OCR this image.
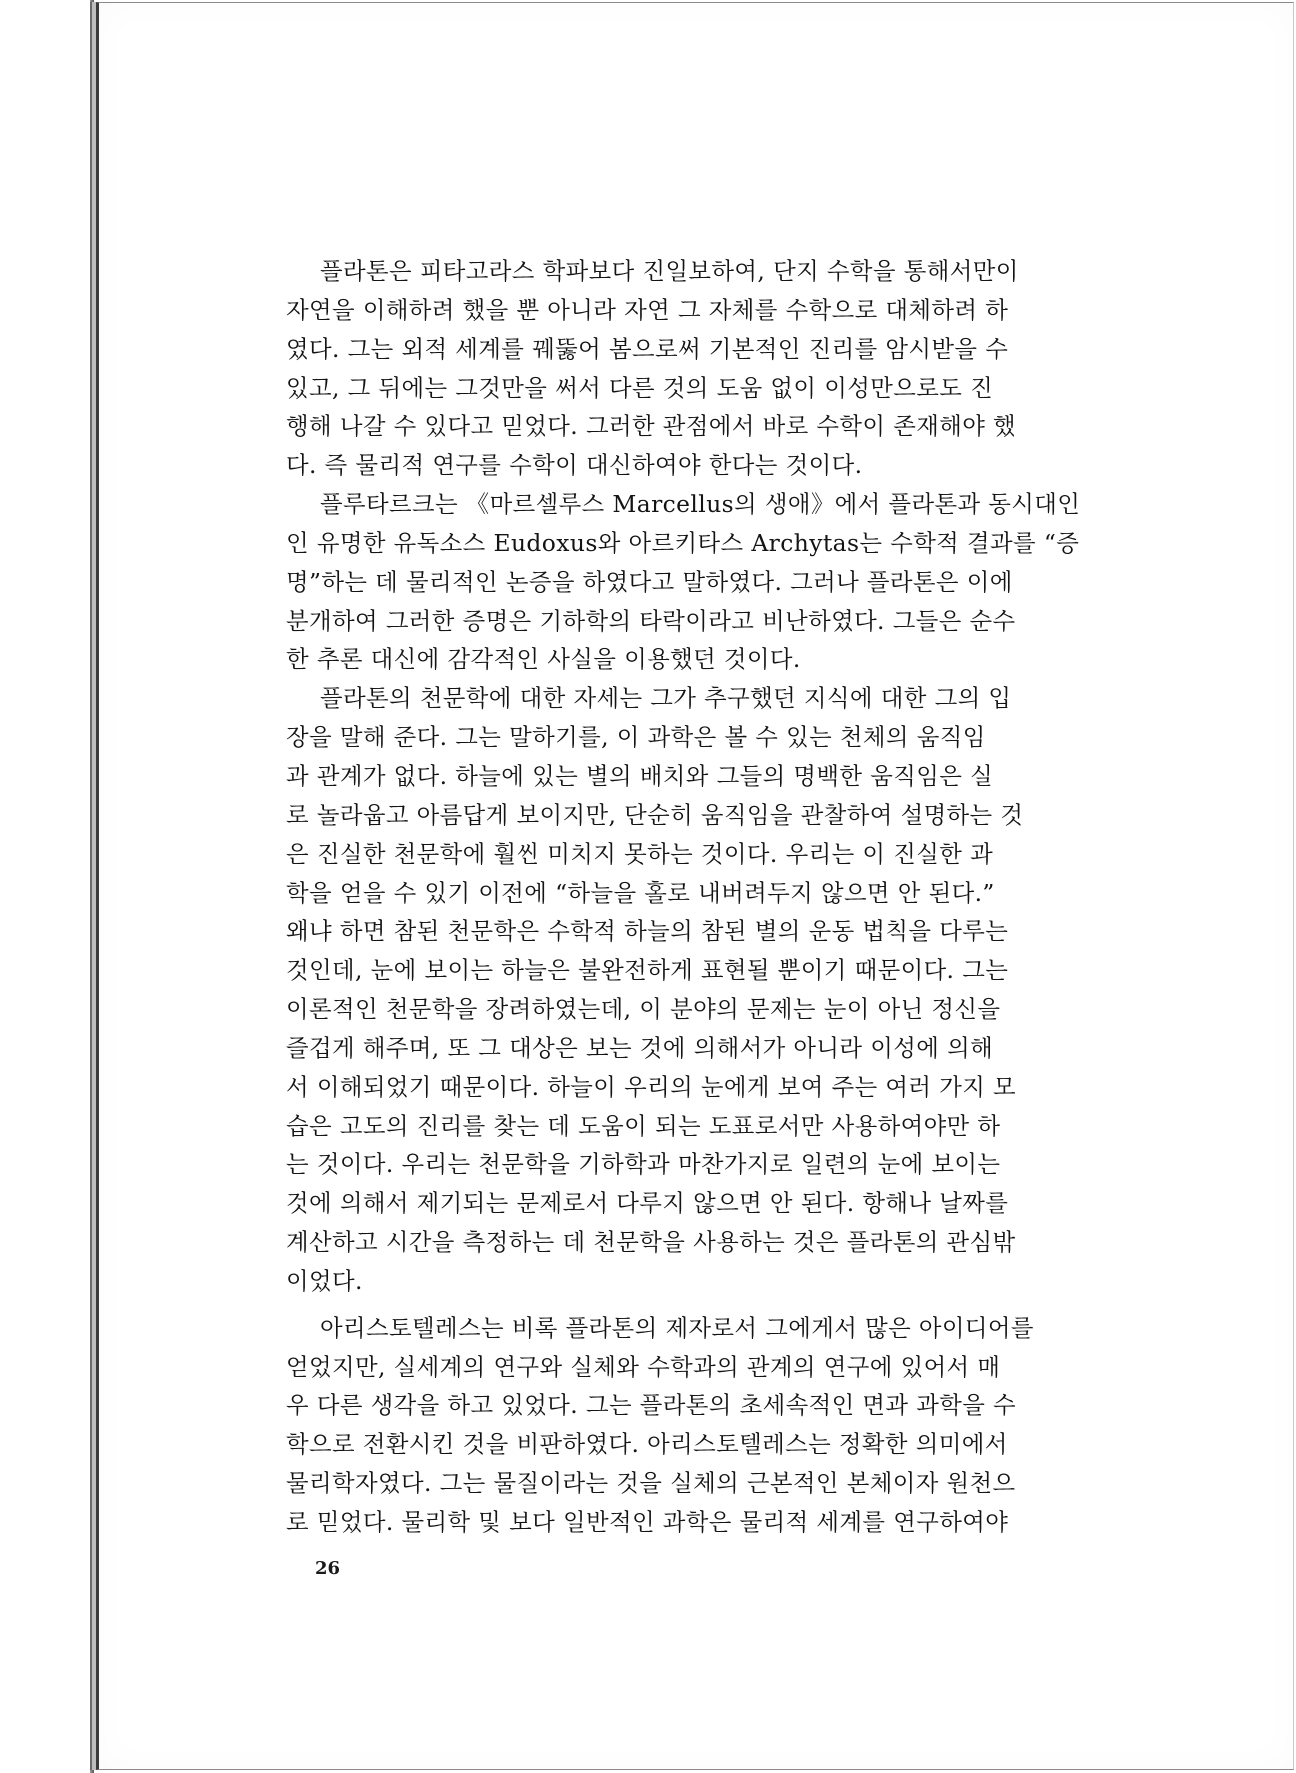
플라톤은 피타고라스 학파보다 진일보하여, 단지 수학을 통해서만이
자연을 이해하려 했을 뿐 아니라 자연 그 자체를 수학으로 대체하려 하
였다. 그는 외적 세계를 꿰뚫어 봄으로써 기본적인 진리를 암시받을 수
있고, 그 뒤에는 그것만을 써서 다른 것의 도움 없이 이성만으로도 진
행해 나갈 수 있다고 믿었다. 그러한 관점에서 바로 수학이 존재해야 했
다. 즉 물리적 연구를 수학이 대신하여야 한다는 것이다.
플루타르크는 《마르셀루스 Marcellus의 생애》에서 플라톤과 동시대인
인 유명한 유독소스 Eudoxus와 아르키타스 Archytas는 수학적 결과를 “증
명”하는 데 물리적인 논증을 하였다고 말하였다. 그러나 플라톤은 이에
분개하여 그러한 증명은 기하학의 타락이라고 비난하였다. 그들은 순수
한 추론 대신에 감각적인 사실을 이용했던 것이다.
플라톤의 천문학에 대한 자세는 그가 추구했던 지식에 대한 그의 입
장을 말해 준다. 그는 말하기를, 이 과학은 볼 수 있는 천체의 움직임
과 관계가 없다. 하늘에 있는 별의 배치와 그들의 명백한 움직임은 실
로 놀라웁고 아름답게 보이지만, 단순히 움직임을 관찰하여 설명하는 것
은 진실한 천문학에 훨씬 미치지 못하는 것이다. 우리는 이 진실한 과
학을 얻을 수 있기 이전에 “하늘을 홀로 내버려두지 않으면 안 된다.”
왜냐 하면 참된 천문학은 수학적 하늘의 참된 별의 운동 법칙을 다루는
것인데, 눈에 보이는 하늘은 불완전하게 표현될 뿐이기 때문이다. 그는
이론적인 천문학을 장려하였는데, 이 분야의 문제는 눈이 아닌 정신을
즐겁게 해주며, 또 그 대상은 보는 것에 의해서가 아니라 이성에 의해
서 이해되었기 때문이다. 하늘이 우리의 눈에게 보여 주는 여러 가지 모
습은 고도의 진리를 찾는 데 도움이 되는 도표로서만 사용하여야만 하
는 것이다. 우리는 천문학을 기하학과 마찬가지로 일련의 눈에 보이는
것에 의해서 제기되는 문제로서 다루지 않으면 안 된다. 항해나 날짜를
계산하고 시간을 측정하는 데 천문학을 사용하는 것은 플라톤의 관심밖
이었다.
아리스토텔레스는 비록 플라톤의 제자로서 그에게서 많은 아이디어를
얻었지만, 실세계의 연구와 실체와 수학과의 관계의 연구에 있어서 매
우 다른 생각을 하고 있었다. 그는 플라톤의 초세속적인 면과 과학을 수
학으로 전환시킨 것을 비판하였다. 아리스토텔레스는 정확한 의미에서
물리학자였다. 그는 물질이라는 것을 실체의 근본적인 본체이자 원천으
로 믿었다. 물리학 및 보다 일반적인 과학은 물리적 세계를 연구하여야
26
